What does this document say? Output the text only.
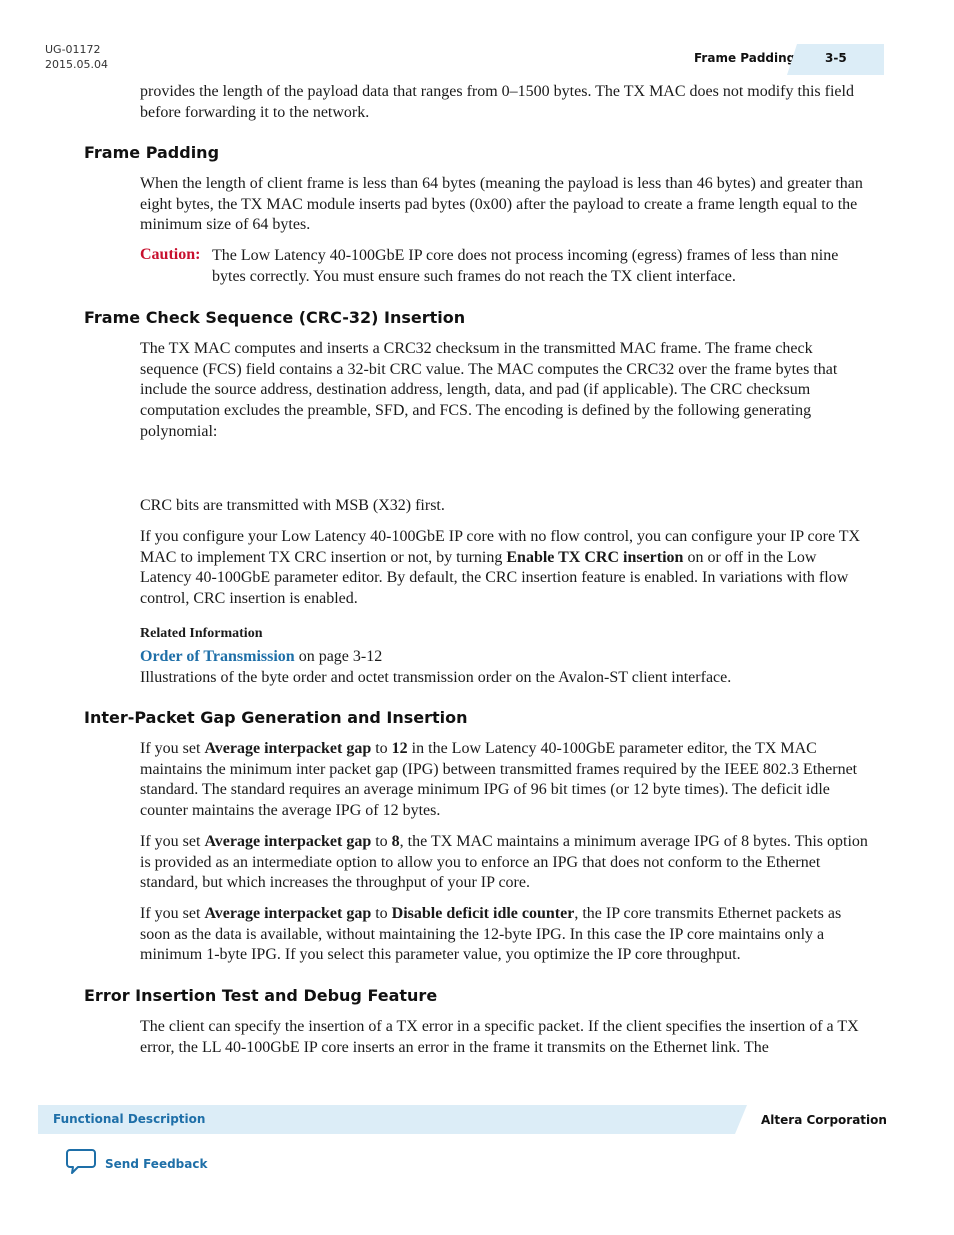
UG-01172
2015.05.04	Frame Padding 3-5

provides the length of the payload data that ranges from 0–1500 bytes. The TX MAC does not modify this field before forwarding it to the network.

Frame Padding

When the length of client frame is less than 64 bytes (meaning the payload is less than 46 bytes) and greater than eight bytes, the TX MAC module inserts pad bytes (0x00) after the payload to create a frame length equal to the minimum size of 64 bytes.

Caution: The Low Latency 40-100GbE IP core does not process incoming (egress) frames of less than nine bytes correctly. You must ensure such frames do not reach the TX client interface.
Frame Check Sequence (CRC-32) Insertion

The TX MAC computes and inserts a CRC32 checksum in the transmitted MAC frame. The frame check sequence (FCS) field contains a 32-bit CRC value. The MAC computes the CRC32 over the frame bytes that include the source address, destination address, length, data, and pad (if applicable). The CRC checksum computation excludes the preamble, SFD, and FCS. The encoding is defined by the following generating polynomial:

CRC bits are transmitted with MSB (X32) first.

If you configure your Low Latency 40-100GbE IP core with no flow control, you can configure your IP core TX MAC to implement TX CRC insertion or not, by turning Enable TX CRC insertion on or off in the Low Latency 40-100GbE parameter editor. By default, the CRC insertion feature is enabled. In variations with flow control, CRC insertion is enabled.

Related Information

Order of Transmission on page 3-12
Illustrations of the byte order and octet transmission order on the Avalon-ST client interface.

Inter-Packet Gap Generation and Insertion

If you set Average interpacket gap to 12 in the Low Latency 40-100GbE parameter editor, the TX MAC maintains the minimum inter packet gap (IPG) between transmitted frames required by the IEEE 802.3 Ethernet standard. The standard requires an average minimum IPG of 96 bit times (or 12 byte times). The deficit idle counter maintains the average IPG of 12 bytes.

If you set Average interpacket gap to 8, the TX MAC maintains a minimum average IPG of 8 bytes. This option is provided as an intermediate option to allow you to enforce an IPG that does not conform to the Ethernet standard, but which increases the throughput of your IP core.

If you set Average interpacket gap to Disable deficit idle counter, the IP core transmits Ethernet packets as soon as the data is available, without maintaining the 12-byte IPG. In this case the IP core maintains only a minimum 1-byte IPG. If you select this parameter value, you optimize the IP core throughput.

Error Insertion Test and Debug Feature

The client can specify the insertion of a TX error in a specific packet. If the client specifies the insertion of a TX error, the LL 40-100GbE IP core inserts an error in the frame it transmits on the Ethernet link. The

Functional Description	Altera Corporation
Send Feedback
